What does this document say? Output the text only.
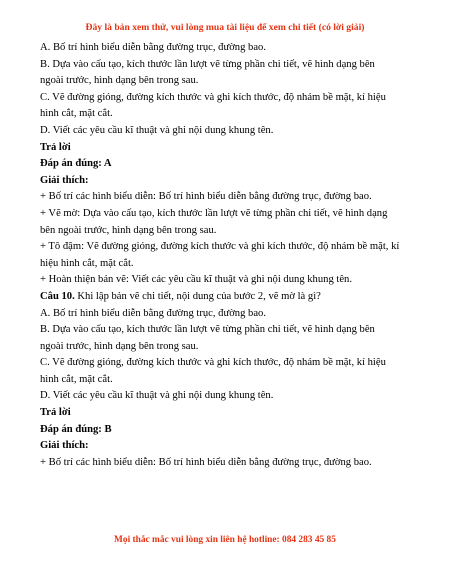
Đây là bản xem thử, vui lòng mua tài liệu để xem chi tiết (có lời giải)

A. Bố trí hình biểu diễn bằng đường trục, đường bao.

B. Dựa vào cấu tạo, kích thước lần lượt vẽ từng phần chi tiết, vẽ hình dạng bên

ngoài trước, hình dạng bên trong sau.

C. Vẽ đường gióng, đường kích thước và ghi kích thước, độ nhám bề mặt, kí hiệu

hình cắt, mặt cắt.

D. Viết các yêu cầu kĩ thuật và ghi nội dung khung tên.

Trả lời

Đáp án đúng: A

Giải thích:

+ Bố trí các hình biểu diễn: Bố trí hình biểu diễn bằng đường trục, đường bao.

+ Vẽ mờ: Dựa vào cấu tạo, kích thước lần lượt vẽ từng phần chi tiết, vẽ hình dạng

bên ngoài trước, hình dạng bên trong sau.

+ Tô đậm: Vẽ đường gióng, đường kích thước và ghi kích thước, độ nhám bề mặt, kí

hiệu hình cắt, mặt cắt.

+ Hoàn thiện bản vẽ: Viết các yêu cầu kĩ thuật và ghi nội dung khung tên.

Câu 10. Khi lập bản vẽ chi tiết, nội dung của bước 2, vẽ mờ là gì?

A. Bố trí hình biểu diễn bằng đường trục, đường bao.

B. Dựa vào cấu tạo, kích thước lần lượt vẽ từng phần chi tiết, vẽ hình dạng bên

ngoài trước, hình dạng bên trong sau.

C. Vẽ đường gióng, đường kích thước và ghi kích thước, độ nhám bề mặt, kí hiệu

hình cắt, mặt cắt.

D. Viết các yêu cầu kĩ thuật và ghi nội dung khung tên.

Trả lời

Đáp án đúng: B

Giải thích:

+ Bố trí các hình biểu diễn: Bố trí hình biểu diễn bằng đường trục, đường bao.

Mọi thắc mắc vui lòng xin liên hệ hotline: 084 283 45 85
